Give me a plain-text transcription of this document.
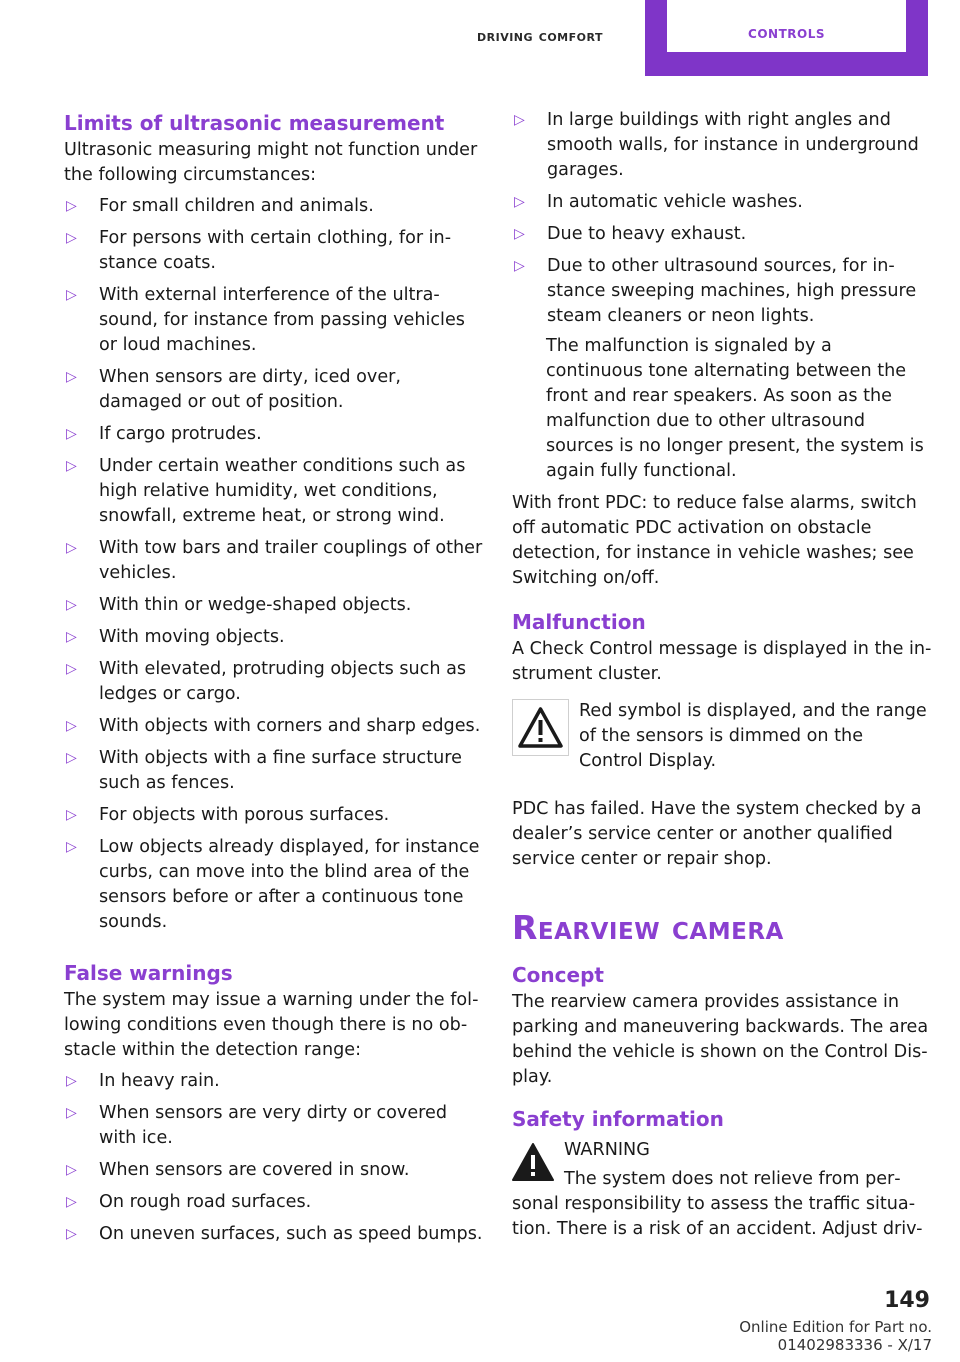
driving comfort	controls
Limits of ultrasonic measurement

Ultrasonic measuring might not function under the following circumstances:

▷ For small children and animals.
▷ For persons with certain clothing, for instance coats.
▷ With external interference of the ultrasound, for instance from passing vehicles or loud machines.
▷ When sensors are dirty, iced over, damaged or out of position.
▷ If cargo protrudes.
▷ Under certain weather conditions such as high relative humidity, wet conditions, snowfall, extreme heat, or strong wind.
▷ With tow bars and trailer couplings of other vehicles.
▷ With thin or wedge-shaped objects.
▷ With moving objects.
▷ With elevated, protruding objects such as ledges or cargo.
▷ With objects with corners and sharp edges.
▷ With objects with a fine surface structure such as fences.
▷ For objects with porous surfaces.
▷ Low objects already displayed, for instance curbs, can move into the blind area of the sensors before or after a continuous tone sounds.
False warnings

The system may issue a warning under the following conditions even though there is no obstacle within the detection range:

▷ In heavy rain.
▷ When sensors are very dirty or covered with ice.
▷ When sensors are covered in snow.
▷ On rough road surfaces.
▷ On uneven surfaces, such as speed bumps.
▷ In large buildings with right angles and smooth walls, for instance in underground garages.
▷ In automatic vehicle washes.
▷ Due to heavy exhaust.
▷ Due to other ultrasound sources, for instance sweeping machines, high pressure steam cleaners or neon lights.

The malfunction is signaled by a continuous tone alternating between the front and rear speakers. As soon as the malfunction due to other ultrasound sources is no longer present, the system is again fully functional.

With front PDC: to reduce false alarms, switch off automatic PDC activation on obstacle detection, for instance in vehicle washes; see Switching on/off.

Malfunction

A Check Control message is displayed in the instrument cluster.

Red symbol is displayed, and the range of the sensors is dimmed on the Control Display.

PDC has failed. Have the system checked by a dealer’s service center or another qualified service center or repair shop.

Rearview camera
Concept

The rearview camera provides assistance in parking and maneuvering backwards. The area behind the vehicle is shown on the Control Display.

Safety information

WARNING

The system does not relieve from personal responsibility to assess the traffic situation. There is a risk of an accident. Adjust driv-

149
Online Edition for Part no. 01402983336 - X/17
